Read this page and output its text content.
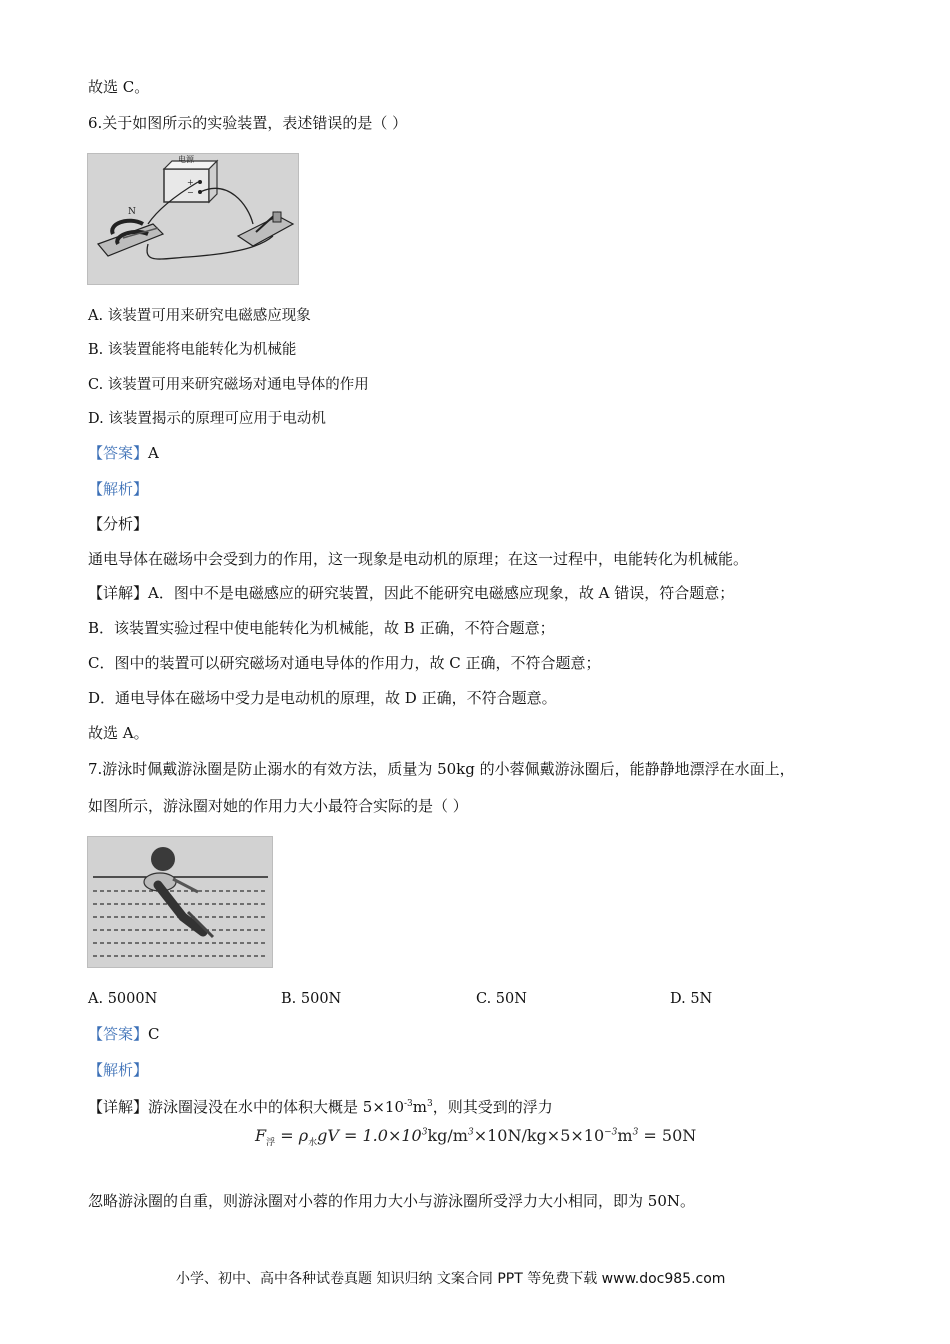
故选 C。
6.关于如图所示的实验装置，表述错误的是（ ）
电源
+
−
N
A. 该装置可用来研究电磁感应现象
B. 该装置能将电能转化为机械能
C. 该装置可用来研究磁场对通电导体的作用
D. 该装置揭示的原理可应用于电动机
【答案】A
【解析】
【分析】
通电导体在磁场中会受到力的作用，这一现象是电动机的原理；在这一过程中，电能转化为机械能。
【详解】A．图中不是电磁感应的研究装置，因此不能研究电磁感应现象，故 A 错误，符合题意；
B．该装置实验过程中使电能转化为机械能，故 B 正确，不符合题意；
C．图中的装置可以研究磁场对通电导体的作用力，故 C 正确，不符合题意；
D．通电导体在磁场中受力是电动机的原理，故 D 正确，不符合题意。
故选 A。
7.游泳时佩戴游泳圈是防止溺水的有效方法，质量为 50kg 的小蓉佩戴游泳圈后，能静静地漂浮在水面上，
如图所示，游泳圈对她的作用力大小最符合实际的是（ ）
A. 5000N	B. 500N	C. 50N	D. 5N
【答案】C
【解析】
【详解】游泳圈浸没在水中的体积大概是 $5\times 10^{-3}m^3$，则其受到的浮力
$F_浮 = \rho_水gV = 1.0\times 10^3kg/m^3\times 10N/kg\times 5\times 10^{-3}m^3 = 50N$
忽略游泳圈的自重，则游泳圈对小蓉的作用力大小与游泳圈所受浮力大小相同，即为 50N。
小学、初中、高中各种试卷真题 知识归纳 文案合同 PPT 等免费下载 www.doc985.com
